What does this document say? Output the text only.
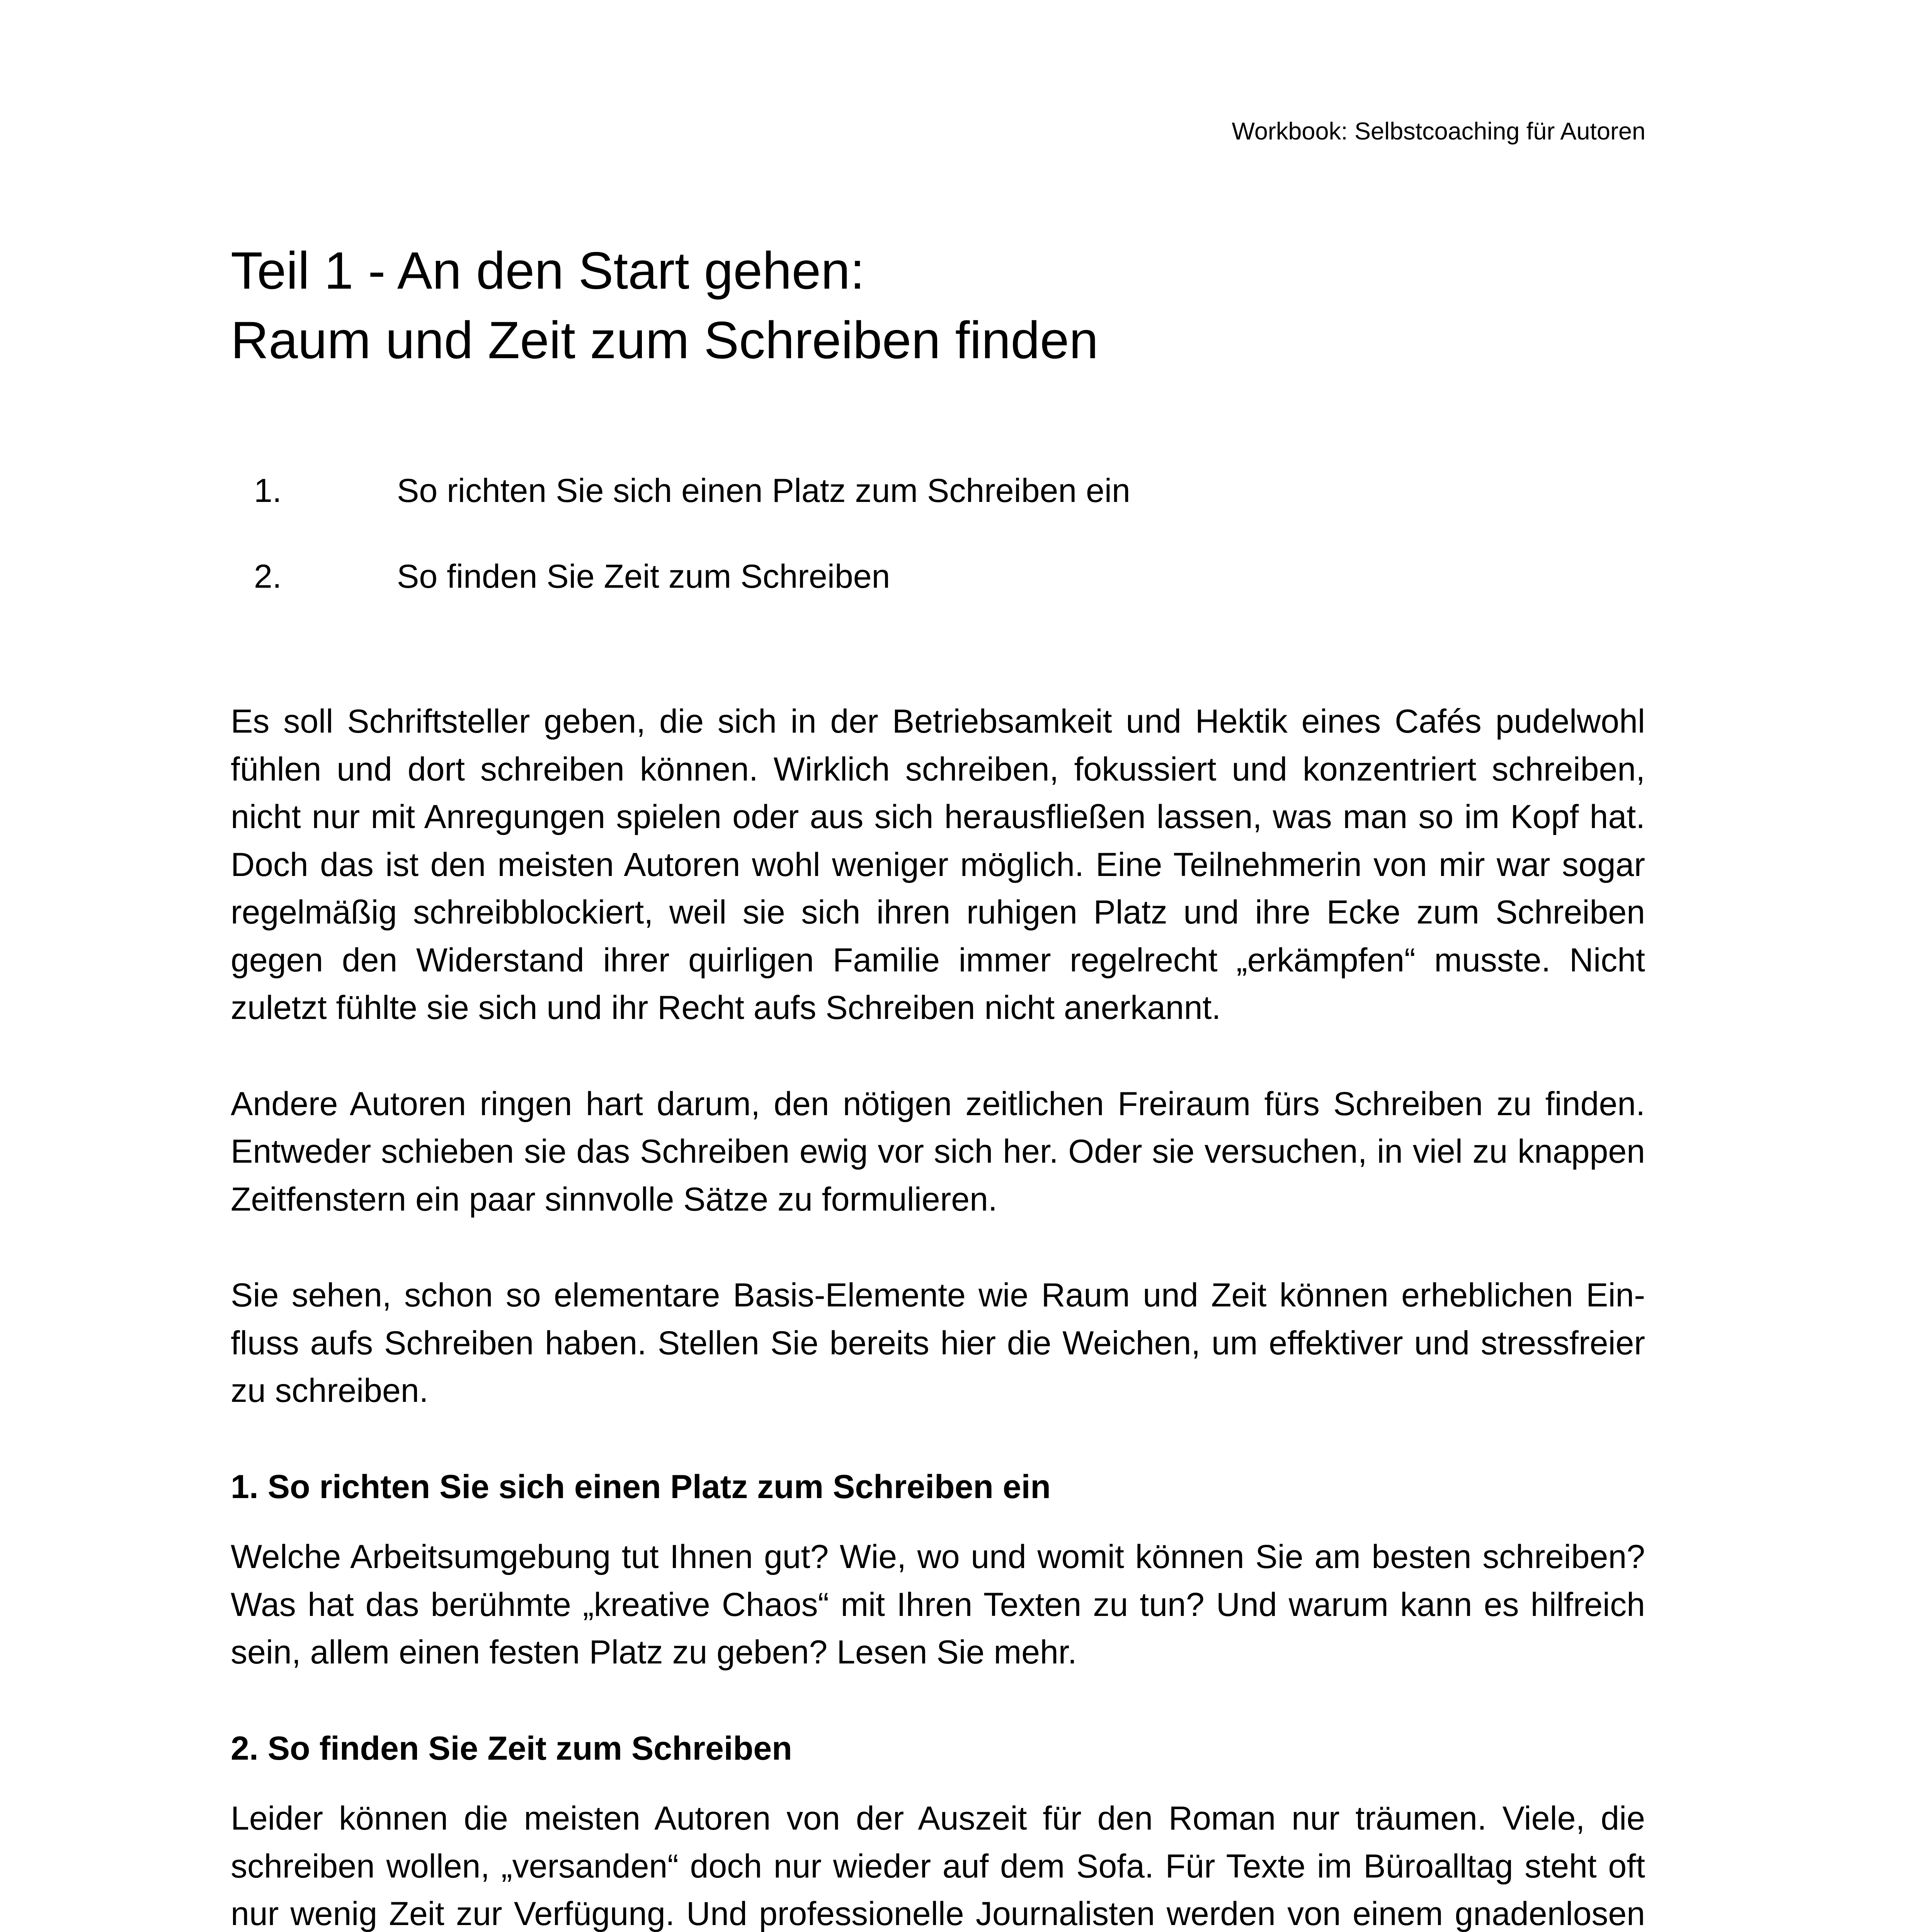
Workbook: Selbstcoaching für Autoren
Teil 1 - An den Start gehen:
Raum und Zeit zum Schreiben finden
1.	So richten Sie sich einen Platz zum Schreiben ein
2.	So finden Sie Zeit zum Schreiben

Es soll Schriftsteller geben, die sich in der Betriebsamkeit und Hektik eines Cafés pudelwohl fühlen und dort schreiben können. Wirklich schreiben, fokussiert und konzentriert schreiben, nicht nur mit Anregungen spielen oder aus sich herausfließen lassen, was man so im Kopf hat. Doch das ist den meisten Autoren wohl weniger möglich. Eine Teilnehmerin von mir war sogar regelmäßig schreibblockiert, weil sie sich ihren ruhigen Platz und ihre Ecke zum Schreiben gegen den Widerstand ihrer quirligen Familie immer regelrecht „erkämpfen“ musste. Nicht zuletzt fühlte sie sich und ihr Recht aufs Schreiben nicht anerkannt.

Andere Autoren ringen hart darum, den nötigen zeitlichen Freiraum fürs Schreiben zu finden. Entweder schieben sie das Schreiben ewig vor sich her. Oder sie versuchen, in viel zu knappen Zeitfenstern ein paar sinnvolle Sätze zu formulieren.

Sie sehen, schon so elementare Basis-Elemente wie Raum und Zeit können erheblichen Einfluss aufs Schreiben haben. Stellen Sie bereits hier die Weichen, um effektiver und stressfreier zu schreiben.

1. So richten Sie sich einen Platz zum Schreiben ein

Welche Arbeitsumgebung tut Ihnen gut? Wie, wo und womit können Sie am besten schreiben? Was hat das berühmte „kreative Chaos“ mit Ihren Texten zu tun? Und warum kann es hilfreich sein, allem einen festen Platz zu geben? Lesen Sie mehr.

2. So finden Sie Zeit zum Schreiben

Leider können die meisten Autoren von der Auszeit für den Roman nur träumen. Viele, die schreiben wollen, „versanden“ doch nur wieder auf dem Sofa. Für Texte im Büroalltag steht oft nur wenig Zeit zur Verfügung. Und professionelle Journalisten werden von einem gnadenlosen
